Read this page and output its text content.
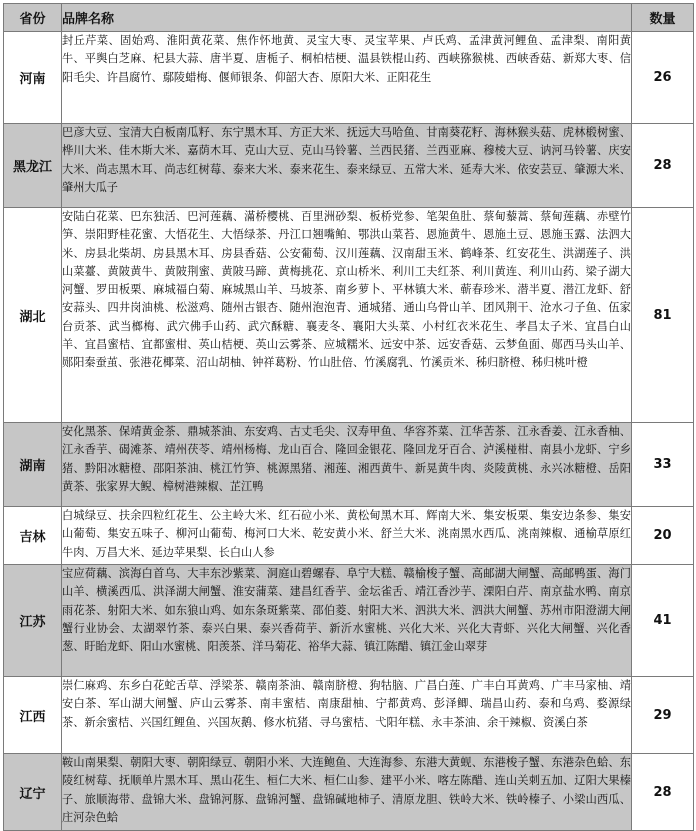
省份	品牌名称	数量
河南	封丘芹菜、固始鸡、淮阳黄花菜、焦作怀地黄、灵宝大枣、灵宝苹果、卢氏鸡、孟津黄河鲤鱼、孟津梨、南阳黄牛、平舆白芝麻、杞县大蒜、唐半夏、唐栀子、桐柏桔梗、温县铁棍山药、西峡猕猴桃、西峡香菇、新郑大枣、信阳毛尖、许昌腐竹、鄢陵蜡梅、偃师银条、仰韶大杏、原阳大米、正阳花生	26
黑龙江	巴彦大豆、宝清大白板南瓜籽、东宁黑木耳、方正大米、抚远大马哈鱼、甘南葵花籽、海林猴头菇、虎林椴树蜜、桦川大米、佳木斯大米、嘉荫木耳、克山大豆、克山马铃薯、兰西民猪、兰西亚麻、穆棱大豆、讷河马铃薯、庆安大米、尚志黑木耳、尚志红树莓、泰来大米、泰来花生、泰来绿豆、五常大米、延寿大米、依安芸豆、肇源大米、肇州大瓜子	28
湖北	安陆白花菜、巴东独活、巴河莲藕、滿桥樱桃、百里洲砂梨、板桥党参、笔架鱼肚、蔡甸藜蒿、蔡甸莲藕、赤壁竹笋、崇阳野桂花蜜、大悟花生、大悟绿茶、丹江口翘嘴鲌、鄂洪山菜苔、恩施黄牛、恩施土豆、恩施玉露、法泗大米、房县北柴胡、房县黑木耳、房县香菇、公安葡萄、汉川莲藕、汉南甜玉米、鹤峰茶、红安花生、洪湖莲子、洪山菜薹、黄陂黄牛、黄陂荆蜜、黄陂马蹄、黄梅挑花、京山桥米、利川工夫红茶、利川黄连、利川山药、梁子湖大河蟹、罗田板栗、麻城福白菊、麻城黑山羊、马坡茶、南乡萝卜、平林镇大米、蕲春珍米、潜半夏、潜江龙虾、舒安蒜头、四井岗油桃、松滋鸡、随州古银杏、随州泡泡青、通城猪、通山乌骨山羊、团风荆干、沧水刁子鱼、伍家台贡茶、武当榔梅、武穴佛手山药、武穴酥糖、襄麦冬、襄阳大头菜、小村红衣米花生、孝昌太子米、宜昌白山羊、宜昌蜜桔、宜都蜜柑、英山桔梗、英山云雾茶、应城糯米、远安中茶、远安香菇、云梦鱼面、郧西马头山羊、郧阳秦蚕茧、张港花椰菜、沼山胡柚、钟祥葛粉、竹山肚倍、竹溪腐乳、竹溪贡米、秭归脐橙、秭归桃叶橙	81
湖南	安化黑茶、保靖黄金茶、鼎城茶油、东安鸡、古丈毛尖、汉寿甲鱼、华容芥菜、江华苦茶、江永香姜、江永香柚、江永香芋、碣滩茶、靖州茯苓、靖州杨梅、龙山百合、隆回金银花、隆回龙牙百合、泸溪椪柑、南县小龙虾、宁乡猪、黔阳冰糖橙、邵阳茶油、桃江竹笋、桃源黑猪、湘莲、湘西黄牛、新晃黄牛肉、炎陵黄桃、永兴冰糖橙、岳阳黄茶、张家界大鲵、樟树港辣椒、芷江鸭	33
吉林	白城绿豆、扶余四粒红花生、公主岭大米、红石砬小米、黄松甸黑木耳、辉南大米、集安板栗、集安边条参、集安山葡萄、集安五味子、柳河山葡萄、梅河口大米、乾安黄小米、舒兰大米、洮南黑水西瓜、洮南辣椒、通榆草原红牛肉、万昌大米、延边苹果梨、长白山人参	20
江苏	宝应荷藕、滨海白首乌、大丰东沙紫菜、洞庭山碧螺春、阜宁大糕、赣榆梭子蟹、高邮湖大闸蟹、高邮鸭蛋、海门山羊、横溪西瓜、洪泽湖大闸蟹、淮安蒲菜、建昌红香芋、金坛雀舌、靖江香沙芋、溧阳白芹、南京盐水鸭、南京雨花茶、射阳大米、如东狼山鸡、如东条斑紫菜、邵伯菱、射阳大米、泗洪大米、泗洪大闸蟹、苏州市阳澄湖大闸蟹行业协会、太湖翠竹茶、泰兴白果、泰兴香荷芋、新沂水蜜桃、兴化大米、兴化大青虾、兴化大闸蟹、兴化香葱、盱眙龙虾、阳山水蜜桃、阳羡茶、洋马菊花、裕华大蒜、镇江陈醋、镇江金山翠芽	41
江西	崇仁麻鸡、东乡白花蛇舌草、浮梁茶、赣南茶油、赣南脐橙、狗牯脑、广昌白莲、广丰白耳黄鸡、广丰马家柚、靖安白茶、军山湖大闸蟹、庐山云雾茶、南丰蜜桔、南康甜柚、宁都黄鸡、彭泽鲫、瑞昌山药、泰和乌鸡、婺源绿茶、新余蜜桔、兴国红鲤鱼、兴国灰鹅、修水杭猪、寻乌蜜桔、弋阳年糕、永丰茶油、余干辣椒、资溪白茶	29
辽宁	鞍山南果梨、朝阳大枣、朝阳绿豆、朝阳小米、大连鲍鱼、大连海参、东港大黄蚬、东港梭子蟹、东港杂色蛤、东陵红树莓、抚顺单片黑木耳、黑山花生、桓仁大米、桓仁山参、建平小米、喀左陈醋、连山关刺五加、辽阳大果榛子、旅顺海带、盘锦大米、盘锦河豚、盘锦河蟹、盘锦碱地柿子、清原龙胆、铁岭大米、铁岭榛子、小梁山西瓜、庄河杂色蛤	28
